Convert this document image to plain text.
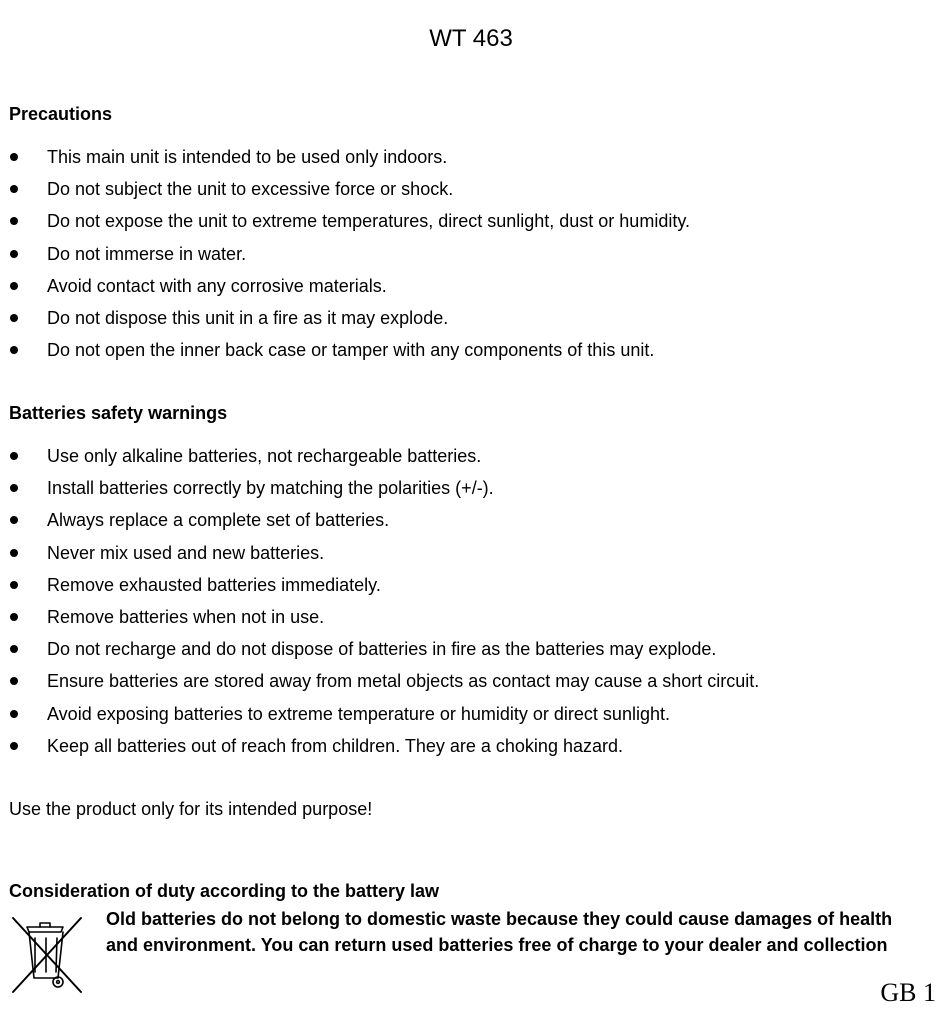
WT 463
Precautions
This main unit is intended to be used only indoors.
Do not subject the unit to excessive force or shock.
Do not expose the unit to extreme temperatures, direct sunlight, dust or humidity.
Do not immerse in water.
Avoid contact with any corrosive materials.
Do not dispose this unit in a fire as it may explode.
Do not open the inner back case or tamper with any components of this unit.
Batteries safety warnings
Use only alkaline batteries, not rechargeable batteries.
Install batteries correctly by matching the polarities (+/-).
Always replace a complete set of batteries.
Never mix used and new batteries.
Remove exhausted batteries immediately.
Remove batteries when not in use.
Do not recharge and do not dispose of batteries in fire as the batteries may explode.
Ensure batteries are stored away from metal objects as contact may cause a short circuit.
Avoid exposing batteries to extreme temperature or humidity or direct sunlight.
Keep all batteries out of reach from children. They are a choking hazard.
Use the product only for its intended purpose!
Consideration of duty according to the battery law
Old batteries do not belong to domestic waste because they could cause damages of health
and environment. You can return used batteries free of charge to your dealer and collection
GB 1
